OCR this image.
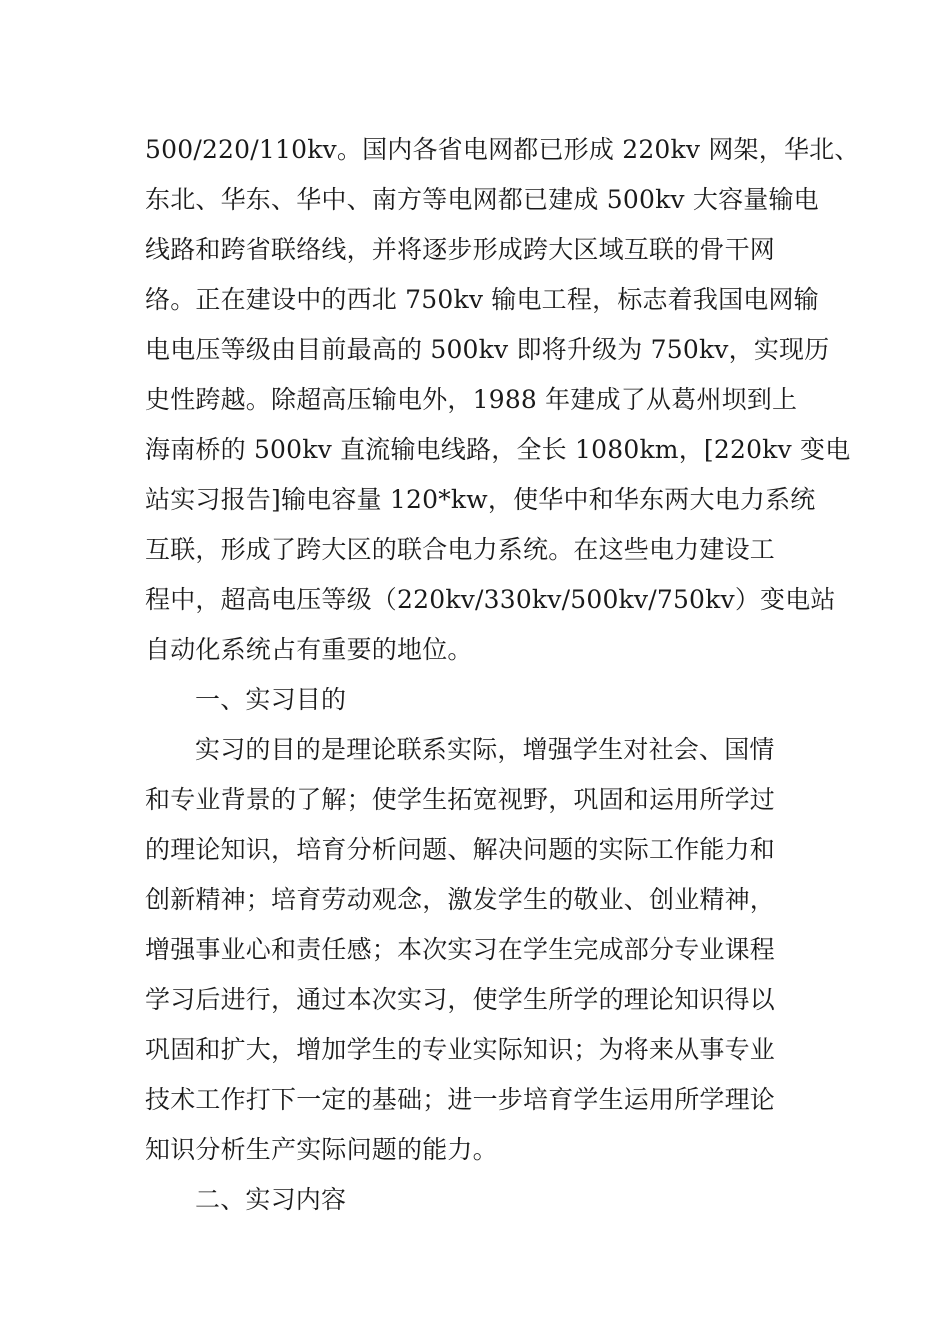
500/220/110kv。国内各省电网都已形成 220kv 网架，华北、
东北、华东、华中、南方等电网都已建成 500kv 大容量输电
线路和跨省联络线，并将逐步形成跨大区域互联的骨干网
络。正在建设中的西北 750kv 输电工程，标志着我国电网输
电电压等级由目前最高的 500kv 即将升级为 750kv，实现历
史性跨越。除超高压输电外，1988 年建成了从葛州坝到上
海南桥的 500kv 直流输电线路，全长 1080km，[220kv 变电
站实习报告]输电容量 120*kw，使华中和华东两大电力系统
互联，形成了跨大区的联合电力系统。在这些电力建设工
程中，超高电压等级（220kv/330kv/500kv/750kv）变电站
自动化系统占有重要的地位。
一、实习目的
实习的目的是理论联系实际，增强学生对社会、国情
和专业背景的了解；使学生拓宽视野，巩固和运用所学过
的理论知识，培育分析问题、解决问题的实际工作能力和
创新精神；培育劳动观念，激发学生的敬业、创业精神，
增强事业心和责任感；本次实习在学生完成部分专业课程
学习后进行，通过本次实习，使学生所学的理论知识得以
巩固和扩大，增加学生的专业实际知识；为将来从事专业
技术工作打下一定的基础；进一步培育学生运用所学理论
知识分析生产实际问题的能力。
二、实习内容
